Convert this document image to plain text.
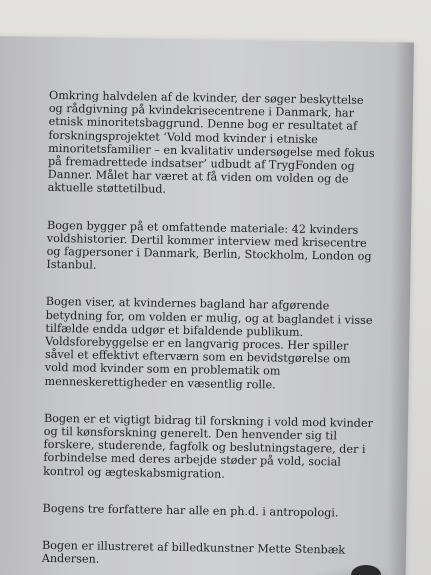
Omkring halvdelen af de kvinder, der søger beskyttelse og rådgivning på kvindekrisecentrene i Danmark, har etnisk minoritetsbaggrund. Denne bog er resultatet af forskningsprojektet ‘Vold mod kvinder i etniske minoritetsfamilier – en kvalitativ undersøgelse med fokus på fremadrettede indsatser’ udbudt af TrygFonden og Danner. Målet har været at få viden om volden og de aktuelle støttetilbud.

Bogen bygger på et omfattende materiale: 42 kvinders voldshistorier. Dertil kommer interview med krisecentre og fagpersoner i Danmark, Berlin, Stockholm, London og Istanbul.

Bogen viser, at kvindernes bagland har afgørende betydning for, om volden er mulig, og at baglandet i visse tilfælde endda udgør et bifaldende publikum. Voldsforebyggelse er en langvarig proces. Her spiller såvel et effektivt efterværn som en bevidstgørelse om vold mod kvinder som en problematik om menneskerettigheder en væsentlig rolle.

Bogen er et vigtigt bidrag til forskning i vold mod kvinder og til kønsforskning generelt. Den henvender sig til forskere, studerende, fagfolk og beslutningstagere, der i forbindelse med deres arbejde støder på vold, social kontrol og ægteskabsmigration.

Bogens tre forfattere har alle en ph.d. i antropologi.

Bogen er illustreret af billedkunstner Mette Stenbæk Andersen.
